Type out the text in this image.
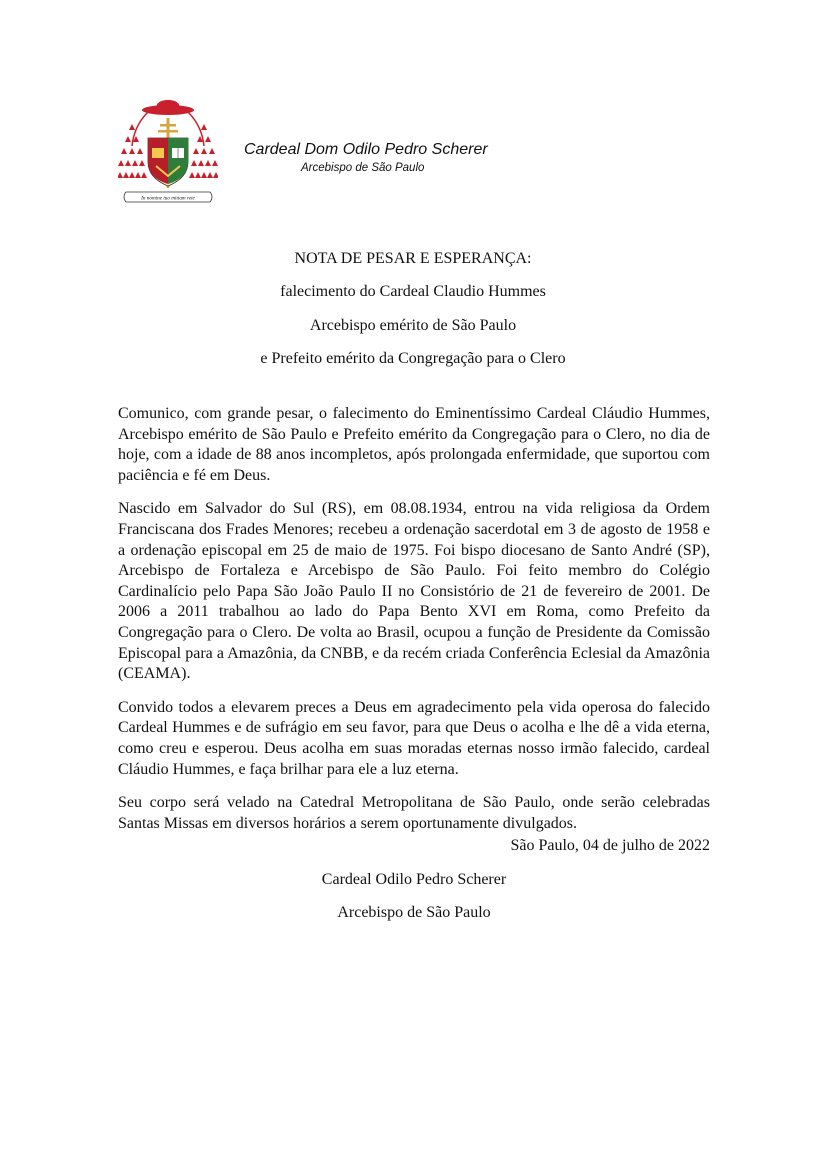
In nomine tuo mittam rete
Cardeal Dom Odilo Pedro Scherer
Arcebispo de São Paulo
NOTA DE PESAR E ESPERANÇA:
falecimento do Cardeal Claudio Hummes
Arcebispo emérito de São Paulo
e Prefeito emérito da Congregação para o Clero

Comunico, com grande pesar, o falecimento do Eminentíssimo Cardeal Cláudio Hummes, Arcebispo emérito de São Paulo e Prefeito emérito da Congregação para o Clero, no dia de hoje, com a idade de 88 anos incompletos, após prolongada enfermidade, que suportou com paciência e fé em Deus.

Nascido em Salvador do Sul (RS), em 08.08.1934, entrou na vida religiosa da Ordem Franciscana dos Frades Menores; recebeu a ordenação sacerdotal em 3 de agosto de 1958 e a ordenação episcopal em 25 de maio de 1975. Foi bispo diocesano de Santo André (SP), Arcebispo de Fortaleza e Arcebispo de São Paulo. Foi feito membro do Colégio Cardinalício pelo Papa São João Paulo II no Consistório de 21 de fevereiro de 2001. De 2006 a 2011 trabalhou ao lado do Papa Bento XVI em Roma, como Prefeito da Congregação para o Clero. De volta ao Brasil, ocupou a função de Presidente da Comissão Episcopal para a Amazônia, da CNBB, e da recém criada Conferência Eclesial da Amazônia (CEAMA).

Convido todos a elevarem preces a Deus em agradecimento pela vida operosa do falecido Cardeal Hummes e de sufrágio em seu favor, para que Deus o acolha e lhe dê a vida eterna, como creu e esperou. Deus acolha em suas moradas eternas nosso irmão falecido, cardeal Cláudio Hummes, e faça brilhar para ele a luz eterna.

Seu corpo será velado na Catedral Metropolitana de São Paulo, onde serão celebradas Santas Missas em diversos horários a serem oportunamente divulgados.

São Paulo, 04 de julho de 2022
Cardeal Odilo Pedro Scherer
Arcebispo de São Paulo
